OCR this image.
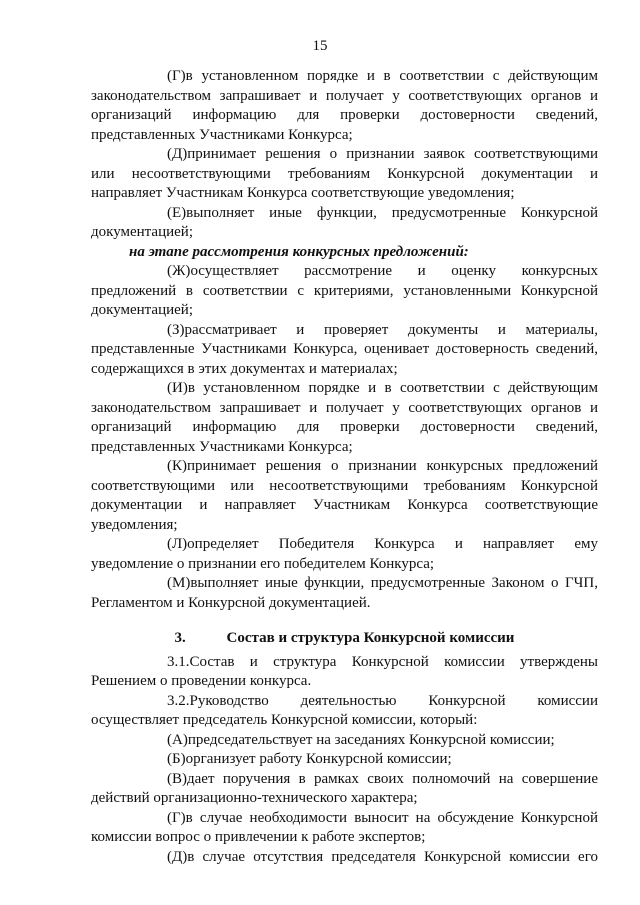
15

(Г)в установленном порядке и в соответствии с действующим законодательством запрашивает и получает у соответствующих органов и организаций информацию для проверки достоверности сведений, представленных Участниками Конкурса;

(Д)принимает решения о признании заявок соответствующими или несоответствующими требованиям Конкурсной документации и направляет Участникам Конкурса соответствующие уведомления;

(Е)выполняет иные функции, предусмотренные Конкурсной документацией;

на этапе рассмотрения конкурсных предложений:

(Ж)осуществляет рассмотрение и оценку конкурсных предложений в соответствии с критериями, установленными Конкурсной документацией;

(З)рассматривает и проверяет документы и материалы, представленные Участниками Конкурса, оценивает достоверность сведений, содержащихся в этих документах и материалах;

(И)в установленном порядке и в соответствии с действующим законодательством запрашивает и получает у соответствующих органов и организаций информацию для проверки достоверности сведений, представленных Участниками Конкурса;

(К)принимает решения о признании конкурсных предложений соответствующими или несоответствующими требованиям Конкурсной документации и направляет Участникам Конкурса соответствующие уведомления;

(Л)определяет Победителя Конкурса и направляет ему уведомление о признании его победителем Конкурса;

(М)выполняет иные функции, предусмотренные Законом о ГЧП, Регламентом и Конкурсной документацией.

3.	Состав и структура Конкурсной комиссии

3.1.Состав и структура Конкурсной комиссии утверждены Решением о проведении конкурса.

3.2.Руководство деятельностью Конкурсной комиссии осуществляет председатель Конкурсной комиссии, который:

(А)председательствует на заседаниях Конкурсной комиссии;

(Б)организует работу Конкурсной комиссии;

(В)дает поручения в рамках своих полномочий на совершение действий организационно-технического характера;

(Г)в случае необходимости выносит на обсуждение Конкурсной комиссии вопрос о привлечении к работе экспертов;

(Д)в случае отсутствия председателя Конкурсной комиссии его
